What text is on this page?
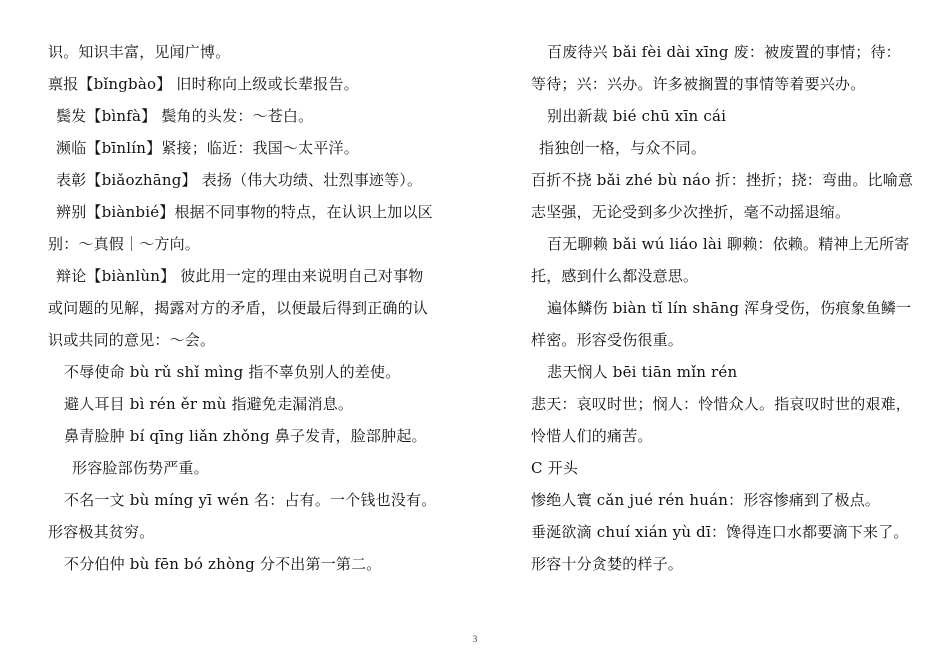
识。知识丰富，见闻广博。
禀报【bǐngbào】 旧时称向上级或长辈报告。
鬓发【bìnfà】 鬓角的头发：～苍白。
濒临【bīnlín】紧接；临近：我国～太平洋。
表彰【biǎozhāng】 表扬（伟大功绩、壮烈事迹等）。
辨别【biànbié】根据不同事物的特点，在认识上加以区
别：～真假｜～方向。
辩论【biànlùn】 彼此用一定的理由来说明自己对事物
或问题的见解，揭露对方的矛盾，以便最后得到正确的认
识或共同的意见：～会。
不辱使命 bù rǔ shǐ mìng 指不辜负别人的差使。
避人耳目 bì rén ěr mù 指避免走漏消息。
鼻青脸肿 bí qīng liǎn zhǒng 鼻子发青，脸部肿起。
形容脸部伤势严重。
不名一文 bù míng yī wén 名：占有。一个钱也没有。
形容极其贫穷。
不分伯仲 bù fēn bó zhòng 分不出第一第二。
百废待兴 bǎi fèi dài xīng 废：被废置的事情；待：
等待；兴：兴办。许多被搁置的事情等着要兴办。
别出新裁 bié chū xīn cái
指独创一格，与众不同。
百折不挠 bǎi zhé bù náo 折：挫折；挠：弯曲。比喻意
志坚强，无论受到多少次挫折，毫不动摇退缩。
百无聊赖 bǎi wú liáo lài 聊赖：依赖。精神上无所寄
托，感到什么都没意思。
遍体鳞伤 biàn tǐ lín shāng 浑身受伤，伤痕象鱼鳞一
样密。形容受伤很重。
悲天悯人 bēi tiān mǐn rén
悲天：哀叹时世；悯人：怜惜众人。指哀叹时世的艰难，
怜惜人们的痛苦。
C 开头
惨绝人寰 cǎn jué rén huán：形容惨痛到了极点。
垂涎欲滴 chuí xián yù dī：馋得连口水都要滴下来了。
形容十分贪婪的样子。
3
